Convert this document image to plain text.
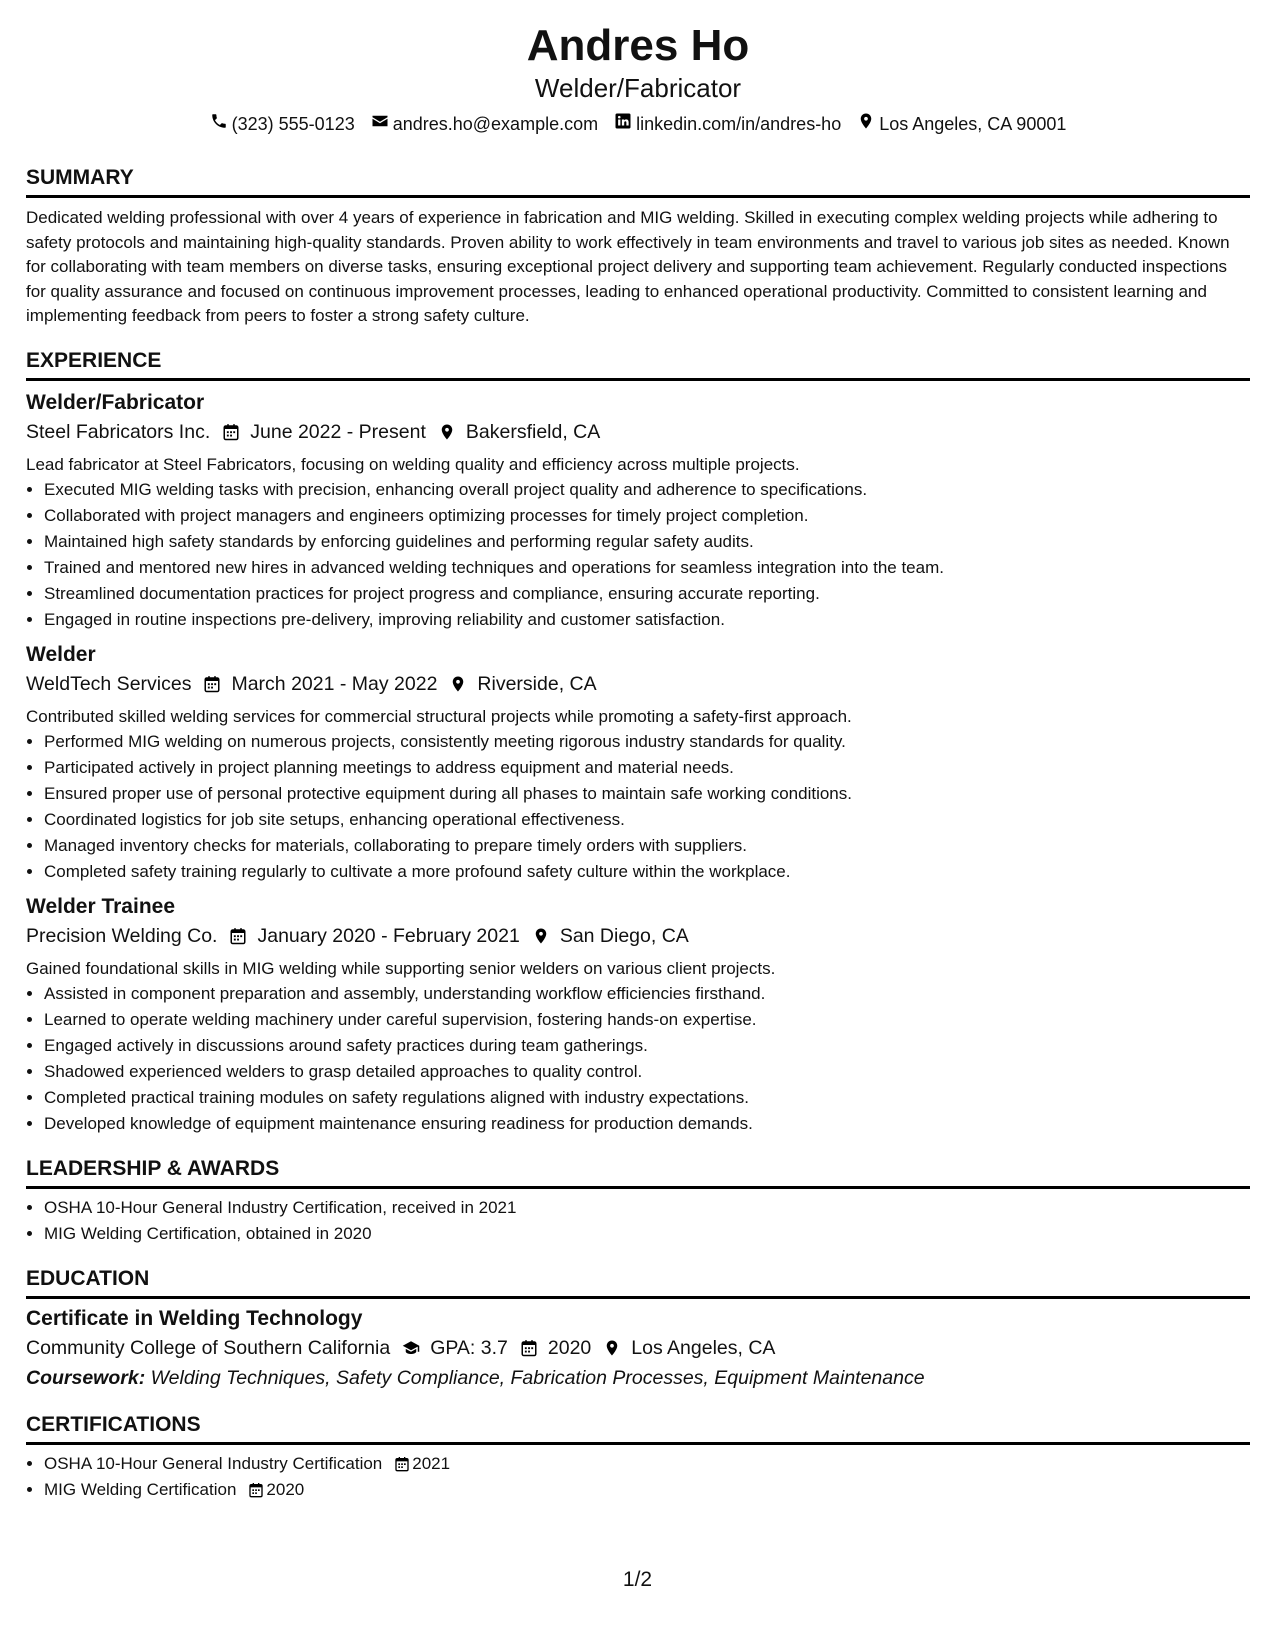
Andres Ho
Welder/Fabricator
(323) 555-0123 andres.ho@example.com linkedin.com/in/andres-ho Los Angeles, CA 90001
SUMMARY
Dedicated welding professional with over 4 years of experience in fabrication and MIG welding. Skilled in executing complex welding projects while adhering to safety protocols and maintaining high-quality standards. Proven ability to work effectively in team environments and travel to various job sites as needed. Known for collaborating with team members on diverse tasks, ensuring exceptional project delivery and supporting team achievement. Regularly conducted inspections for quality assurance and focused on continuous improvement processes, leading to enhanced operational productivity. Committed to consistent learning and implementing feedback from peers to foster a strong safety culture.
EXPERIENCE
Welder/Fabricator
Steel Fabricators Inc. June 2022 - Present Bakersfield, CA
Lead fabricator at Steel Fabricators, focusing on welding quality and efficiency across multiple projects.
• Executed MIG welding tasks with precision, enhancing overall project quality and adherence to specifications.
• Collaborated with project managers and engineers optimizing processes for timely project completion.
• Maintained high safety standards by enforcing guidelines and performing regular safety audits.
• Trained and mentored new hires in advanced welding techniques and operations for seamless integration into the team.
• Streamlined documentation practices for project progress and compliance, ensuring accurate reporting.
• Engaged in routine inspections pre-delivery, improving reliability and customer satisfaction.
Welder
WeldTech Services March 2021 - May 2022 Riverside, CA
Contributed skilled welding services for commercial structural projects while promoting a safety-first approach.
• Performed MIG welding on numerous projects, consistently meeting rigorous industry standards for quality.
• Participated actively in project planning meetings to address equipment and material needs.
• Ensured proper use of personal protective equipment during all phases to maintain safe working conditions.
• Coordinated logistics for job site setups, enhancing operational effectiveness.
• Managed inventory checks for materials, collaborating to prepare timely orders with suppliers.
• Completed safety training regularly to cultivate a more profound safety culture within the workplace.
Welder Trainee
Precision Welding Co. January 2020 - February 2021 San Diego, CA
Gained foundational skills in MIG welding while supporting senior welders on various client projects.
• Assisted in component preparation and assembly, understanding workflow efficiencies firsthand.
• Learned to operate welding machinery under careful supervision, fostering hands-on expertise.
• Engaged actively in discussions around safety practices during team gatherings.
• Shadowed experienced welders to grasp detailed approaches to quality control.
• Completed practical training modules on safety regulations aligned with industry expectations.
• Developed knowledge of equipment maintenance ensuring readiness for production demands.
LEADERSHIP & AWARDS
• OSHA 10-Hour General Industry Certification, received in 2021
• MIG Welding Certification, obtained in 2020
EDUCATION
Certificate in Welding Technology
Community College of Southern California GPA: 3.7 2020 Los Angeles, CA
Coursework: Welding Techniques, Safety Compliance, Fabrication Processes, Equipment Maintenance
CERTIFICATIONS
• OSHA 10-Hour General Industry Certification 2021
• MIG Welding Certification 2020
1/2
